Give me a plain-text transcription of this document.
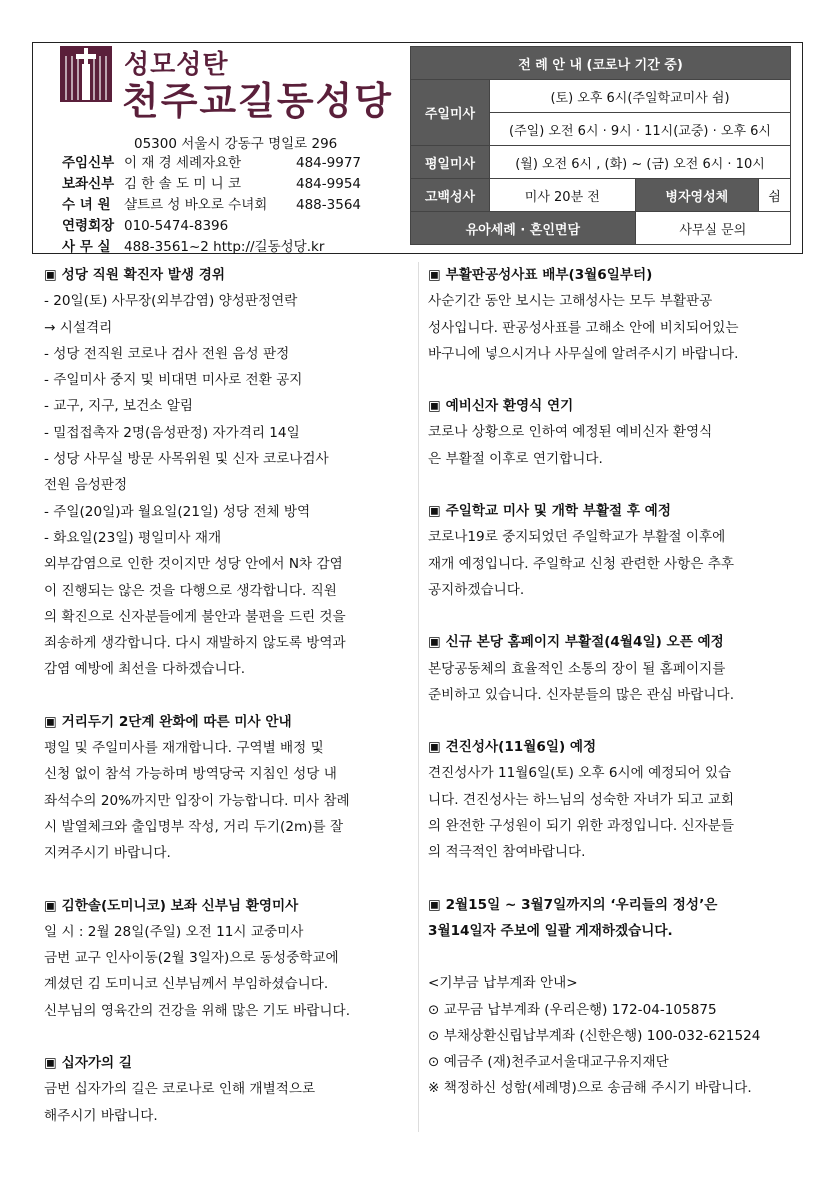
성모성탄
천주교길동성당
05300 서울시 강동구 명일로 296
주임신부 이 재 경 세례자요한	484-9977
보좌신부 김 한 솔 도 미 니 코	484-9954
수 녀 원 샬트르 성 바오로 수녀회 488-3564
연령회장 010-5474-8396
사 무 실 488-3561~2 http://길동성당.kr
전 례 안 내 (코로나 기간 중)			
주일미사	(토) 오후 6시(주일학교미사 쉼)		
	(주일) 오전 6시 · 9시 · 11시(교중) · 오후 6시		
평일미사	(월) 오전 6시 , (화) ~ (금) 오전 6시 · 10시		
고백성사	미사 20분 전	병자영성체	쉼
유아세례 · 혼인면담		사무실 문의	

▣ 성당 직원 확진자 발생 경위

- 20일(토) 사무장(외부감염) 양성판정연락

→ 시설격리

- 성당 전직원 코로나 검사 전원 음성 판정

- 주일미사 중지 및 비대면 미사로 전환 공지

- 교구, 지구, 보건소 알림

- 밀접접촉자 2명(음성판정) 자가격리 14일

- 성당 사무실 방문 사목위원 및 신자 코로나검사

전원 음성판정

- 주일(20일)과 월요일(21일) 성당 전체 방역

- 화요일(23일) 평일미사 재개

외부감염으로 인한 것이지만 성당 안에서 N차 감염

이 진행되는 않은 것을 다행으로 생각합니다. 직원

의 확진으로 신자분들에게 불안과 불편을 드린 것을

죄송하게 생각합니다. 다시 재발하지 않도록 방역과

감염 예방에 최선을 다하겠습니다.

▣ 거리두기 2단계 완화에 따른 미사 안내

평일 및 주일미사를 재개합니다. 구역별 배정 및

신청 없이 참석 가능하며 방역당국 지침인 성당 내

좌석수의 20%까지만 입장이 가능합니다. 미사 참례

시 발열체크와 출입명부 작성, 거리 두기(2m)를 잘

지켜주시기 바랍니다.

▣ 김한솔(도미니코) 보좌 신부님 환영미사

일 시 : 2월 28일(주일) 오전 11시 교중미사

금번 교구 인사이동(2월 3일자)으로 동성중학교에

계셨던 김 도미니코 신부님께서 부임하셨습니다.

신부님의 영육간의 건강을 위해 많은 기도 바랍니다.

▣ 십자가의 길

금번 십자가의 길은 코로나로 인해 개별적으로

해주시기 바랍니다.

▣ 부활판공성사표 배부(3월6일부터)

사순기간 동안 보시는 고해성사는 모두 부활판공

성사입니다. 판공성사표를 고해소 안에 비치되어있는

바구니에 넣으시거나 사무실에 알려주시기 바랍니다.

▣ 예비신자 환영식 연기

코로나 상황으로 인하여 예정된 예비신자 환영식

은 부활절 이후로 연기합니다.

▣ 주일학교 미사 및 개학 부활절 후 예정

코로나19로 중지되었던 주일학교가 부활절 이후에

재개 예정입니다. 주일학교 신청 관련한 사항은 추후

공지하겠습니다.

▣ 신규 본당 홈페이지 부활절(4월4일) 오픈 예정

본당공동체의 효율적인 소통의 장이 될 홈페이지를

준비하고 있습니다. 신자분들의 많은 관심 바랍니다.

▣ 견진성사(11월6일) 예정

견진성사가 11월6일(토) 오후 6시에 예정되어 있습

니다. 견진성사는 하느님의 성숙한 자녀가 되고 교회

의 완전한 구성원이 되기 위한 과정입니다. 신자분들

의 적극적인 참여바랍니다.

▣ 2월15일 ~ 3월7일까지의 ‘우리들의 정성’은

3월14일자 주보에 일괄 게재하겠습니다.

<기부금 납부계좌 안내>

⊙ 교무금 납부계좌 (우리은행) 172-04-105875

⊙ 부채상환신립납부계좌 (신한은행) 100-032-621524

⊙ 예금주 (재)천주교서울대교구유지재단

※ 책정하신 성함(세례명)으로 송금해 주시기 바랍니다.
